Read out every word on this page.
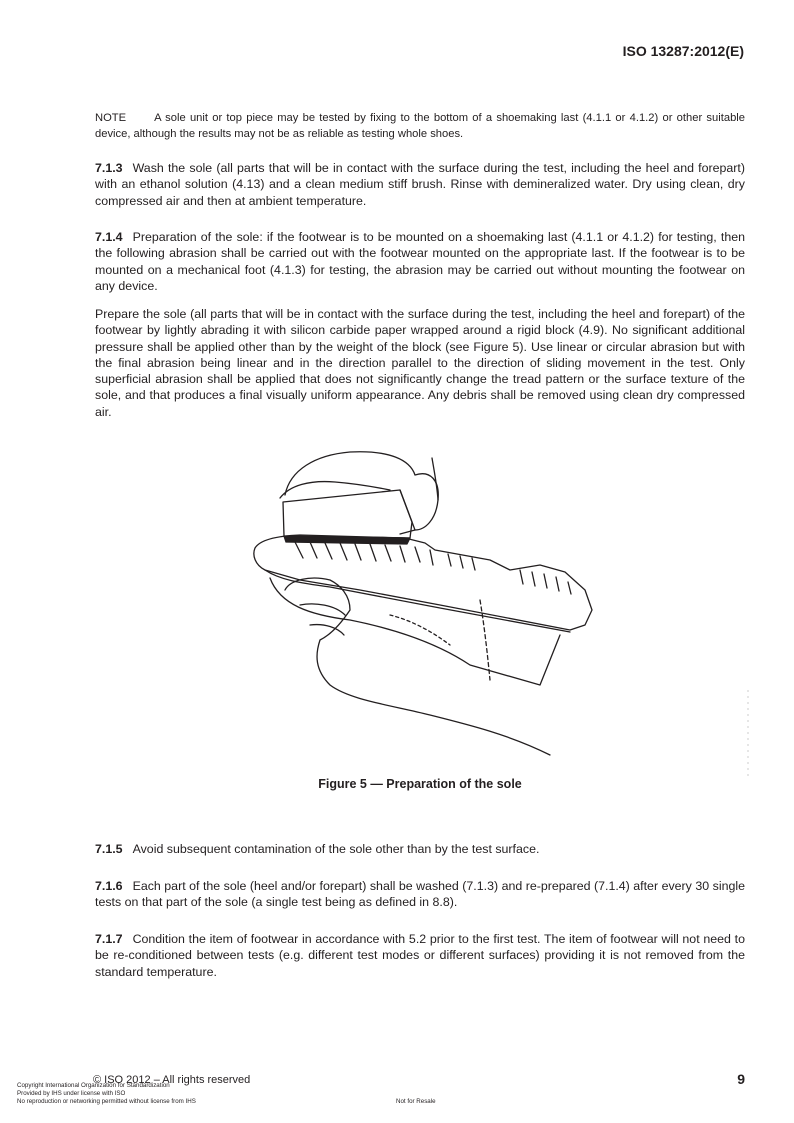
ISO 13287:2012(E)

NOTE	A sole unit or top piece may be tested by fixing to the bottom of a shoemaking last (4.1.1 or 4.1.2) or other suitable device, although the results may not be as reliable as testing whole shoes.

7.1.3 Wash the sole (all parts that will be in contact with the surface during the test, including the heel and forepart) with an ethanol solution (4.13) and a clean medium stiff brush. Rinse with demineralized water. Dry using clean, dry compressed air and then at ambient temperature.

7.1.4 Preparation of the sole: if the footwear is to be mounted on a shoemaking last (4.1.1 or 4.1.2) for testing, then the following abrasion shall be carried out with the footwear mounted on the appropriate last. If the footwear is to be mounted on a mechanical foot (4.1.3) for testing, the abrasion may be carried out without mounting the footwear on any device.

Prepare the sole (all parts that will be in contact with the surface during the test, including the heel and forepart) of the footwear by lightly abrading it with silicon carbide paper wrapped around a rigid block (4.9). No significant additional pressure shall be applied other than by the weight of the block (see Figure 5). Use linear or circular abrasion but with the final abrasion being linear and in the direction parallel to the direction of sliding movement in the test. Only superficial abrasion shall be applied that does not significantly change the tread pattern or the surface texture of the sole, and that produces a final visually uniform appearance. Any debris shall be removed using clean dry compressed air.

Figure 5 — Preparation of the sole

7.1.5 Avoid subsequent contamination of the sole other than by the test surface.

7.1.6 Each part of the sole (heel and/or forepart) shall be washed (7.1.3) and re-prepared (7.1.4) after every 30 single tests on that part of the sole (a single test being as defined in 8.8).

7.1.7 Condition the item of footwear in accordance with 5.2 prior to the first test. The item of footwear will not need to be re-conditioned between tests (e.g. different test modes or different surfaces) providing it is not removed from the standard temperature.

© ISO 2012 – All rights reserved	9
Copyright International Organization for Standardization
Provided by IHS under license with ISO
No reproduction or networking permitted without license from IHS	Not for Resale
